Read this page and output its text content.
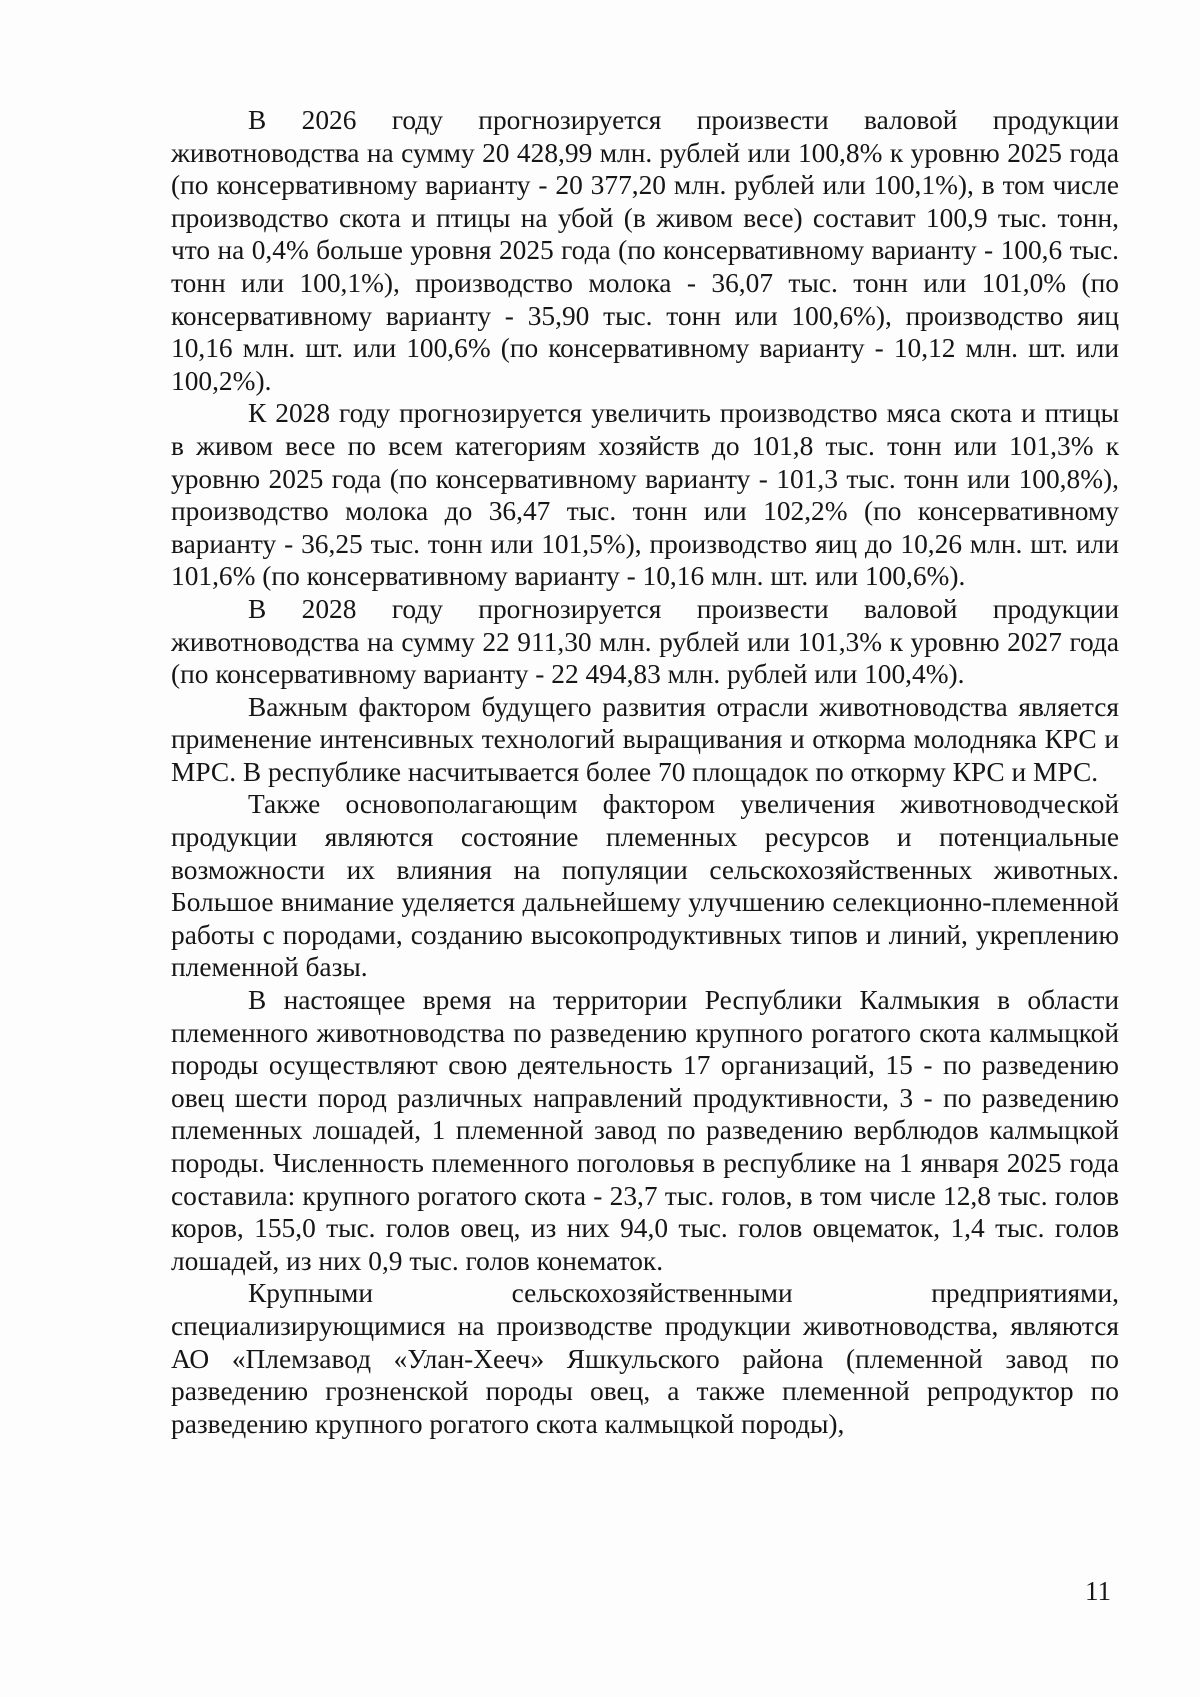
В 2026 году прогнозируется произвести валовой продукции животноводства на сумму 20 428,99 млн. рублей или 100,8% к уровню 2025 года (по консервативному варианту - 20 377,20 млн. рублей или 100,1%), в том числе производство скота и птицы на убой (в живом весе) составит 100,9 тыс. тонн, что на 0,4% больше уровня 2025 года (по консервативному варианту - 100,6 тыс. тонн или 100,1%), производство молока - 36,07 тыс. тонн или 101,0% (по консервативному варианту - 35,90 тыс. тонн или 100,6%), производство яиц 10,16 млн. шт. или 100,6% (по консервативному варианту - 10,12 млн. шт. или 100,2%).

К 2028 году прогнозируется увеличить производство мяса скота и птицы в живом весе по всем категориям хозяйств до 101,8 тыс. тонн или 101,3% к уровню 2025 года (по консервативному варианту - 101,3 тыс. тонн или 100,8%), производство молока до 36,47 тыс. тонн или 102,2% (по консервативному варианту - 36,25 тыс. тонн или 101,5%), производство яиц до 10,26 млн. шт. или 101,6% (по консервативному варианту - 10,16 млн. шт. или 100,6%).

В 2028 году прогнозируется произвести валовой продукции животноводства на сумму 22 911,30 млн. рублей или 101,3% к уровню 2027 года (по консервативному варианту - 22 494,83 млн. рублей или 100,4%).

Важным фактором будущего развития отрасли животноводства является применение интенсивных технологий выращивания и откорма молодняка КРС и МРС. В республике насчитывается более 70 площадок по откорму КРС и МРС.

Также основополагающим фактором увеличения животноводческой продукции являются состояние племенных ресурсов и потенциальные возможности их влияния на популяции сельскохозяйственных животных. Большое внимание уделяется дальнейшему улучшению селекционно-племенной работы с породами, созданию высокопродуктивных типов и линий, укреплению племенной базы.

В настоящее время на территории Республики Калмыкия в области племенного животноводства по разведению крупного рогатого скота калмыцкой породы осуществляют свою деятельность 17 организаций, 15 - по разведению овец шести пород различных направлений продуктивности, 3 - по разведению племенных лошадей, 1 племенной завод по разведению верблюдов калмыцкой породы. Численность племенного поголовья в республике на 1 января 2025 года составила: крупного рогатого скота - 23,7 тыс. голов, в том числе 12,8 тыс. голов коров, 155,0 тыс. голов овец, из них 94,0 тыс. голов овцематок, 1,4 тыс. голов лошадей, из них 0,9 тыс. голов конематок.

Крупными сельскохозяйственными предприятиями, специализирующимися на производстве продукции животноводства, являются АО «Племзавод «Улан-Хееч» Яшкульского района (племенной завод по разведению грозненской породы овец, а также племенной репродуктор по разведению крупного рогатого скота калмыцкой породы),

11
